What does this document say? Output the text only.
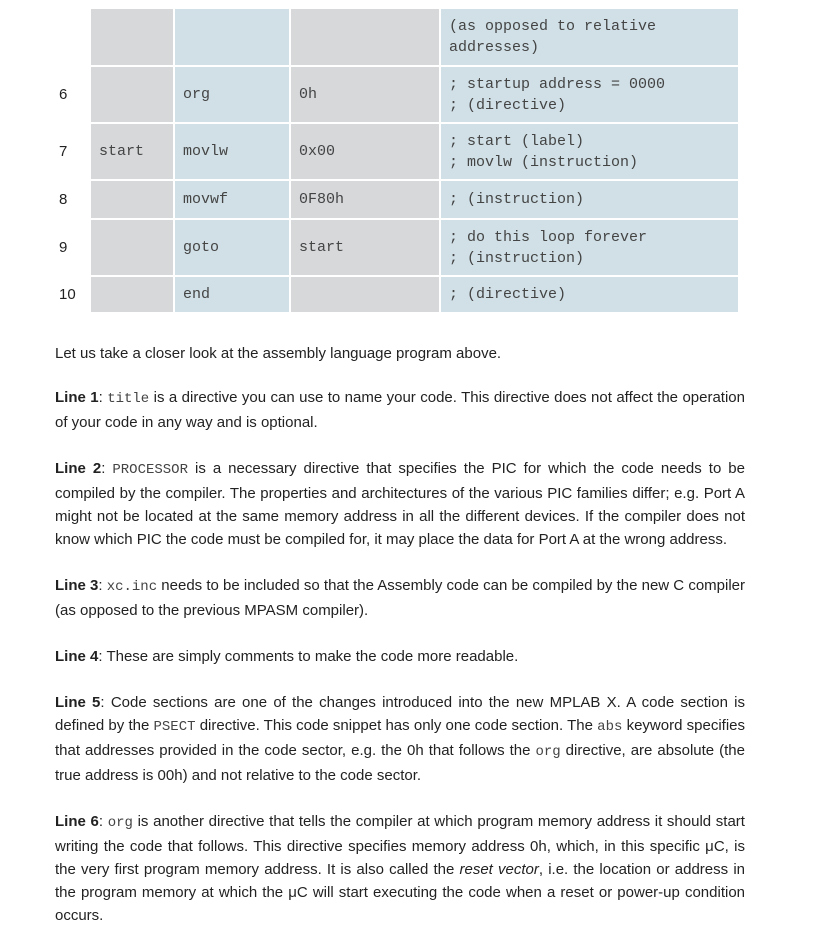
				(as opposed to relative
addresses)

6		org	0h	; startup address = 0000
; (directive)

7	start	movlw	0x00	; start (label)
; movlw (instruction)

8		movwf	0F80h	; (instruction)

9		goto	start	; do this loop forever
; (instruction)

10		end		; (directive)

Let us take a closer look at the assembly language program above.

Line 1: title is a directive you can use to name your code. This directive does not affect the operation of your code in any way and is optional.

Line 2: PROCESSOR is a necessary directive that specifies the PIC for which the code needs to be compiled by the compiler. The properties and architectures of the various PIC families differ; e.g. Port A might not be located at the same memory address in all the different devices. If the compiler does not know which PIC the code must be compiled for, it may place the data for Port A at the wrong address.

Line 3: xc.inc needs to be included so that the Assembly code can be compiled by the new C compiler (as opposed to the previous MPASM compiler).

Line 4: These are simply comments to make the code more readable.

Line 5: Code sections are one of the changes introduced into the new MPLAB X. A code section is defined by the PSECT directive. This code snippet has only one code section. The abs keyword specifies that addresses provided in the code sector, e.g. the 0h that follows the org directive, are absolute (the true address is 00h) and not relative to the code sector.

Line 6: org is another directive that tells the compiler at which program memory address it should start writing the code that follows. This directive specifies memory address 0h, which, in this specific μC, is the very first program memory address. It is also called the reset vector, i.e. the location or address in the program memory at which the μC will start executing the code when a reset or power-up condition occurs.
